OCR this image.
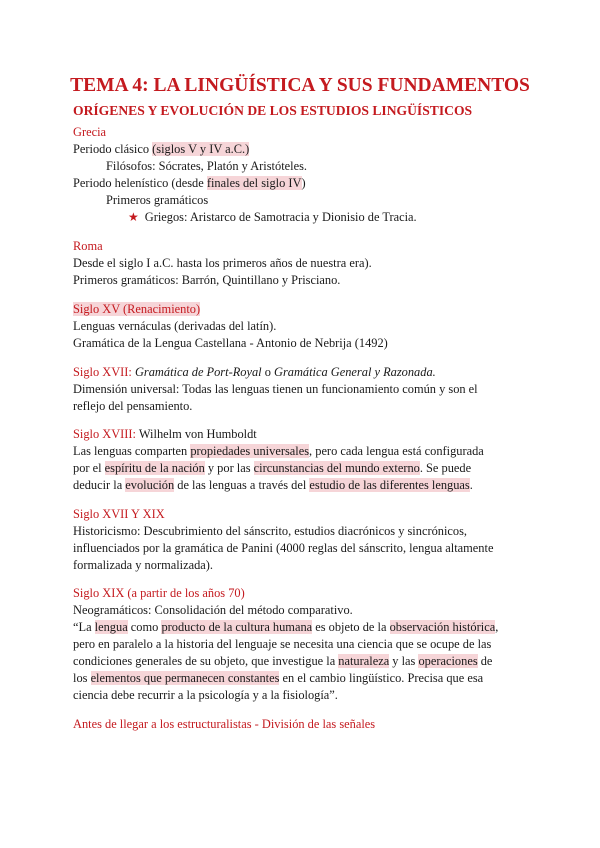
TEMA 4: LA LINGÜÍSTICA Y SUS FUNDAMENTOS
ORÍGENES Y EVOLUCIÓN DE LOS ESTUDIOS LINGÜÍSTICOS
Grecia
Periodo clásico (siglos V y IV a.C.)
Filósofos: Sócrates, Platón y Aristóteles.
Periodo helenístico (desde finales del siglo IV)
Primeros gramáticos
★ Griegos: Aristarco de Samotracia y Dionisio de Tracia.
Roma
Desde el siglo I a.C. hasta los primeros años de nuestra era).
Primeros gramáticos: Barrón, Quintillano y Prisciano.
Siglo XV (Renacimiento)
Lenguas vernáculas (derivadas del latín).
Gramática de la Lengua Castellana - Antonio de Nebrija (1492)
Siglo XVII: Gramática de Port-Royal o Gramática General y Razonada.
Dimensión universal: Todas las lenguas tienen un funcionamiento común y son el
reflejo del pensamiento.
Siglo XVIII: Wilhelm von Humboldt
Las lenguas comparten propiedades universales, pero cada lengua está configurada
por el espíritu de la nación y por las circunstancias del mundo externo. Se puede
deducir la evolución de las lenguas a través del estudio de las diferentes lenguas.
Siglo XVII Y XIX
Historicismo: Descubrimiento del sánscrito, estudios diacrónicos y sincrónicos,
influenciados por la gramática de Panini (4000 reglas del sánscrito, lengua altamente
formalizada y normalizada).
Siglo XIX (a partir de los años 70)
Neogramáticos: Consolidación del método comparativo.
“La lengua como producto de la cultura humana es objeto de la observación histórica,
pero en paralelo a la historia del lenguaje se necesita una ciencia que se ocupe de las
condiciones generales de su objeto, que investigue la naturaleza y las operaciones de
los elementos que permanecen constantes en el cambio lingüístico. Precisa que esa
ciencia debe recurrir a la psicología y a la fisiología”.
Antes de llegar a los estructuralistas - División de las señales
